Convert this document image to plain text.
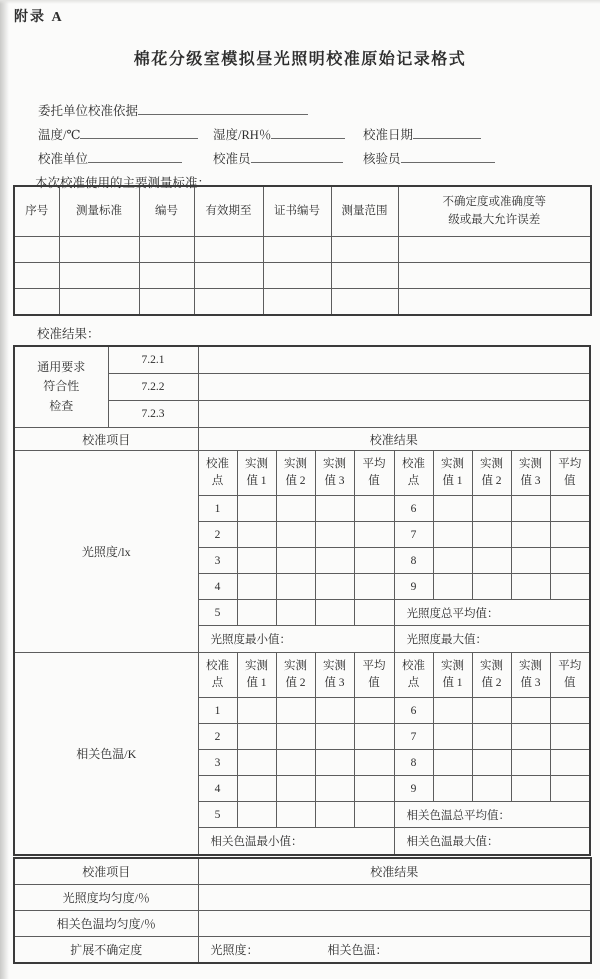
附录 A
棉花分级室模拟昼光照明校准原始记录格式
委托单位校准依据
温度/℃	湿度/RH％	校准日期
校准单位	校准员	核验员
本次校准使用的主要测量标准：
序号	测量标准	编号	有效期至	证书编号	测量范围	不确定度或准确度等级或最大允许误差

校准结果：
通用要求
符合性
检查	7.2.1										
	7.2.2										
	7.2.3										
校准项目		校准结果									
光照度/lx		校准点	实测值 1	实测值 2	实测值 3	平均值	校准点	实测值 1	实测值 2	实测值 3	平均值
		1					6				
		2					7				
		3					8				
		4					9				
		5					光照度总平均值：				
		光照度最小值：					光照度最大值：				
相关色温/K		校准点	实测值 1	实测值 2	实测值 3	平均值	校准点	实测值 1	实测值 2	实测值 3	平均值
		1					6				
		2					7				
		3					8				
		4					9				
		5					相关色温总平均值：				
		相关色温最小值：					相关色温最大值：				
校准项目	校准结果
光照度均匀度/％	
相关色温均匀度/％	
扩展不确定度	光照度： 相关色温：
